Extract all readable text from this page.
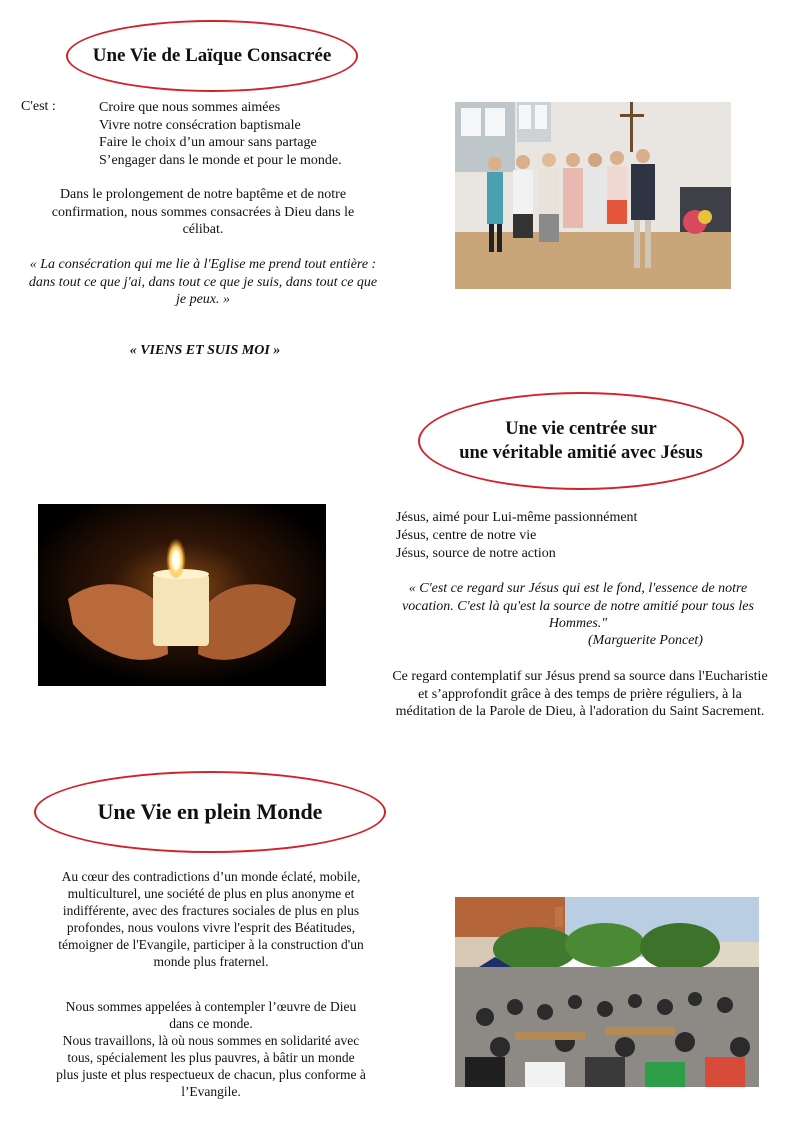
Une Vie de Laïque Consacrée
C'est :	Croire que nous sommes aimées
Vivre notre consécration baptismale
Faire le choix d’un amour sans partage
S’engager dans le monde et pour le monde.

Dans le prolongement de notre baptême et de notre confirmation, nous sommes consacrées à Dieu dans le célibat.

« La consécration qui me lie à l'Eglise me prend tout entière : dans tout ce que j'ai, dans tout ce que je suis, dans tout ce que je peux. »

« VIENS ET SUIS MOI »

Une vie centrée sur
une véritable amitié avec Jésus
Jésus, aimé pour Lui-même passionnément
Jésus, centre de notre vie
Jésus, source de notre action

« C'est ce regard sur Jésus qui est le fond, l'essence de notre vocation. C'est là qu'est la source de notre amitié pour tous les Hommes."

(Marguerite Poncet)

Ce regard contemplatif sur Jésus prend sa source dans l'Eucharistie et s’approfondit grâce à des temps de prière réguliers, à la méditation de la Parole de Dieu, à l'adoration du Saint Sacrement.

Une Vie en plein Monde

Au cœur des contradictions d’un monde éclaté, mobile, multiculturel, une société de plus en plus anonyme et indifférente, avec des fractures sociales de plus en plus profondes, nous voulons vivre l'esprit des Béatitudes, témoigner de l'Evangile, participer à la construction d'un monde plus fraternel.

Nous sommes appelées à contempler l’œuvre de Dieu dans ce monde.
Nous travaillons, là où nous sommes en solidarité avec tous, spécialement les plus pauvres, à bâtir un monde plus juste et plus respectueux de chacun, plus conforme à l’Evangile.
